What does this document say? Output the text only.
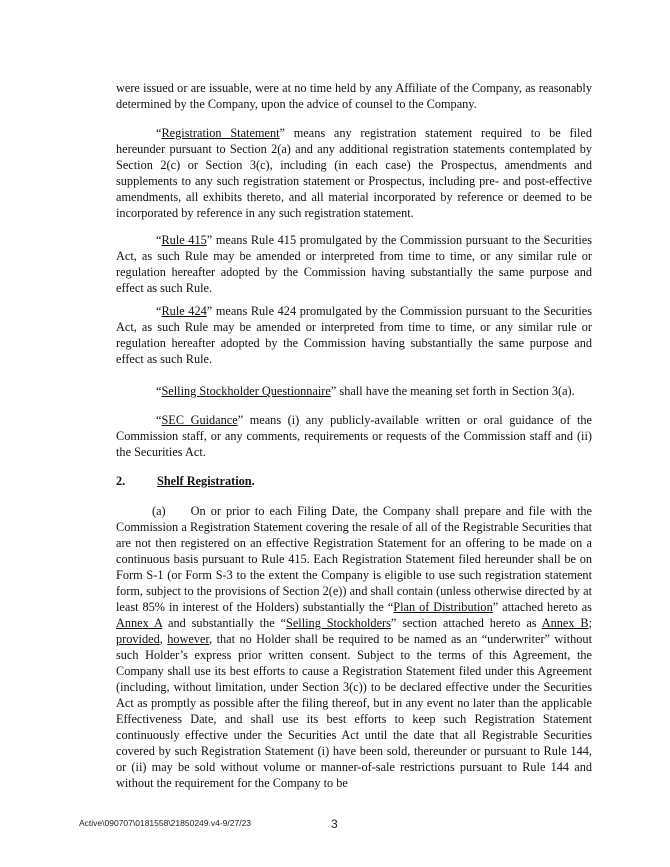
were issued or are issuable, were at no time held by any Affiliate of the Company, as reasonably determined by the Company, upon the advice of counsel to the Company.

“Registration Statement” means any registration statement required to be filed hereunder pursuant to Section 2(a) and any additional registration statements contemplated by Section 2(c) or Section 3(c), including (in each case) the Prospectus, amendments and supplements to any such registration statement or Prospectus, including pre- and post-effective amendments, all exhibits thereto, and all material incorporated by reference or deemed to be incorporated by reference in any such registration statement.

“Rule 415” means Rule 415 promulgated by the Commission pursuant to the Securities Act, as such Rule may be amended or interpreted from time to time, or any similar rule or regulation hereafter adopted by the Commission having substantially the same purpose and effect as such Rule.

“Rule 424” means Rule 424 promulgated by the Commission pursuant to the Securities Act, as such Rule may be amended or interpreted from time to time, or any similar rule or regulation hereafter adopted by the Commission having substantially the same purpose and effect as such Rule.

“Selling Stockholder Questionnaire” shall have the meaning set forth in Section 3(a).

“SEC Guidance” means (i) any publicly-available written or oral guidance of the Commission staff, or any comments, requirements or requests of the Commission staff and (ii) the Securities Act.

2.	Shelf Registration.

(a) On or prior to each Filing Date, the Company shall prepare and file with the Commission a Registration Statement covering the resale of all of the Registrable Securities that are not then registered on an effective Registration Statement for an offering to be made on a continuous basis pursuant to Rule 415. Each Registration Statement filed hereunder shall be on Form S-1 (or Form S-3 to the extent the Company is eligible to use such registration statement form, subject to the provisions of Section 2(e)) and shall contain (unless otherwise directed by at least 85% in interest of the Holders) substantially the “Plan of Distribution” attached hereto as Annex A and substantially the “Selling Stockholders” section attached hereto as Annex B; provided, however, that no Holder shall be required to be named as an “underwriter” without such Holder’s express prior written consent. Subject to the terms of this Agreement, the Company shall use its best efforts to cause a Registration Statement filed under this Agreement (including, without limitation, under Section 3(c)) to be declared effective under the Securities Act as promptly as possible after the filing thereof, but in any event no later than the applicable Effectiveness Date, and shall use its best efforts to keep such Registration Statement continuously effective under the Securities Act until the date that all Registrable Securities covered by such Registration Statement (i) have been sold, thereunder or pursuant to Rule 144, or (ii) may be sold without volume or manner-of-sale restrictions pursuant to Rule 144 and without the requirement for the Company to be

Active\090707\0181558\21850249.v4-9/27/23	3
